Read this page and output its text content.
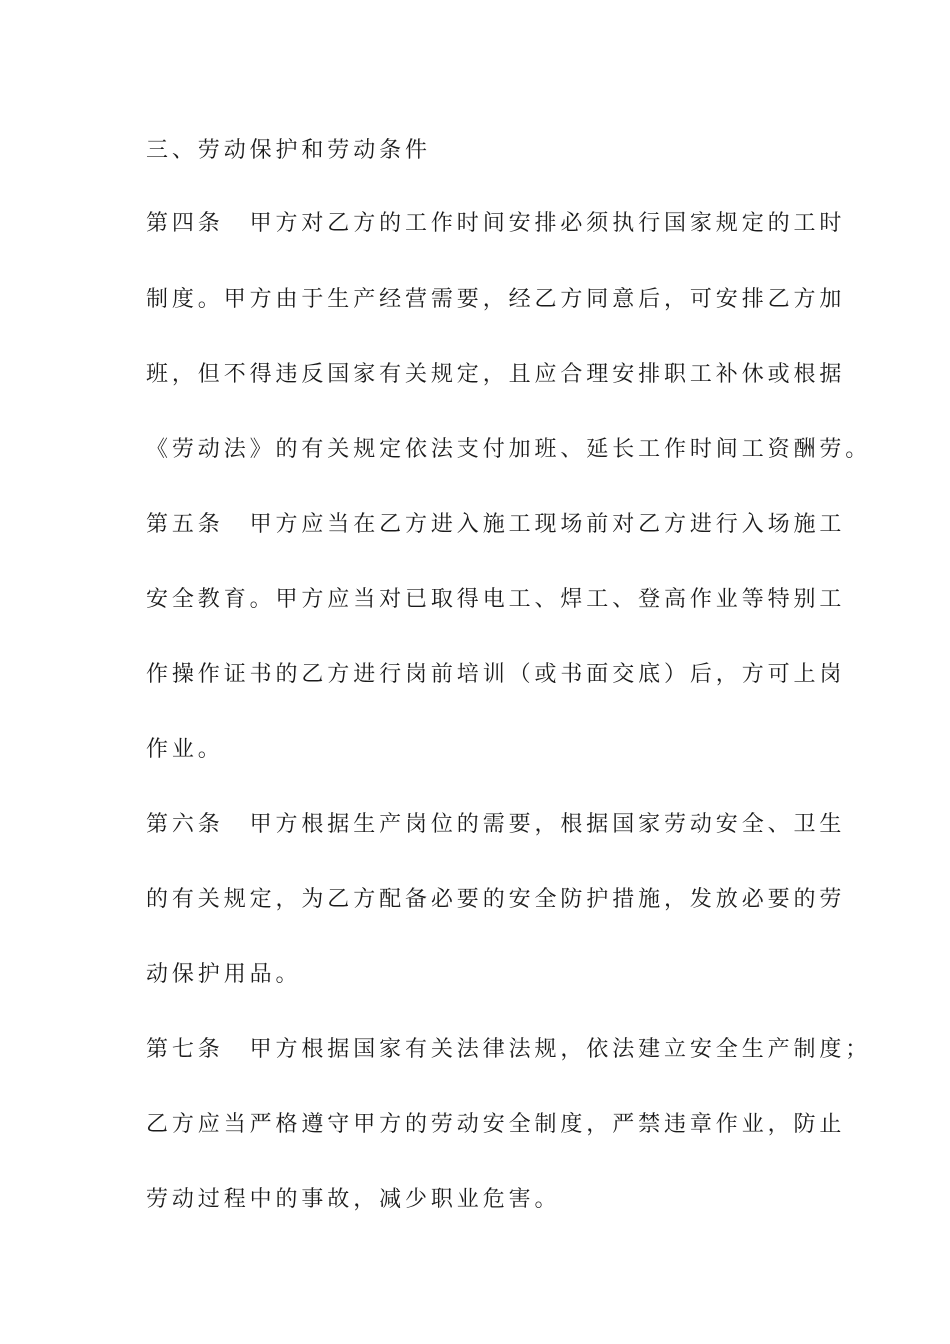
三、劳动保护和劳动条件
第四条　甲方对乙方的工作时间安排必须执行国家规定的工时
制度。甲方由于生产经营需要，经乙方同意后，可安排乙方加
班，但不得违反国家有关规定，且应合理安排职工补休或根据
《劳动法》的有关规定依法支付加班、延长工作时间工资酬劳。
第五条　甲方应当在乙方进入施工现场前对乙方进行入场施工
安全教育。甲方应当对已取得电工、焊工、登高作业等特别工
作操作证书的乙方进行岗前培训（或书面交底）后，方可上岗
作业。
第六条　甲方根据生产岗位的需要，根据国家劳动安全、卫生
的有关规定，为乙方配备必要的安全防护措施，发放必要的劳
动保护用品。
第七条　甲方根据国家有关法律法规，依法建立安全生产制度；
乙方应当严格遵守甲方的劳动安全制度，严禁违章作业，防止
劳动过程中的事故，减少职业危害。
